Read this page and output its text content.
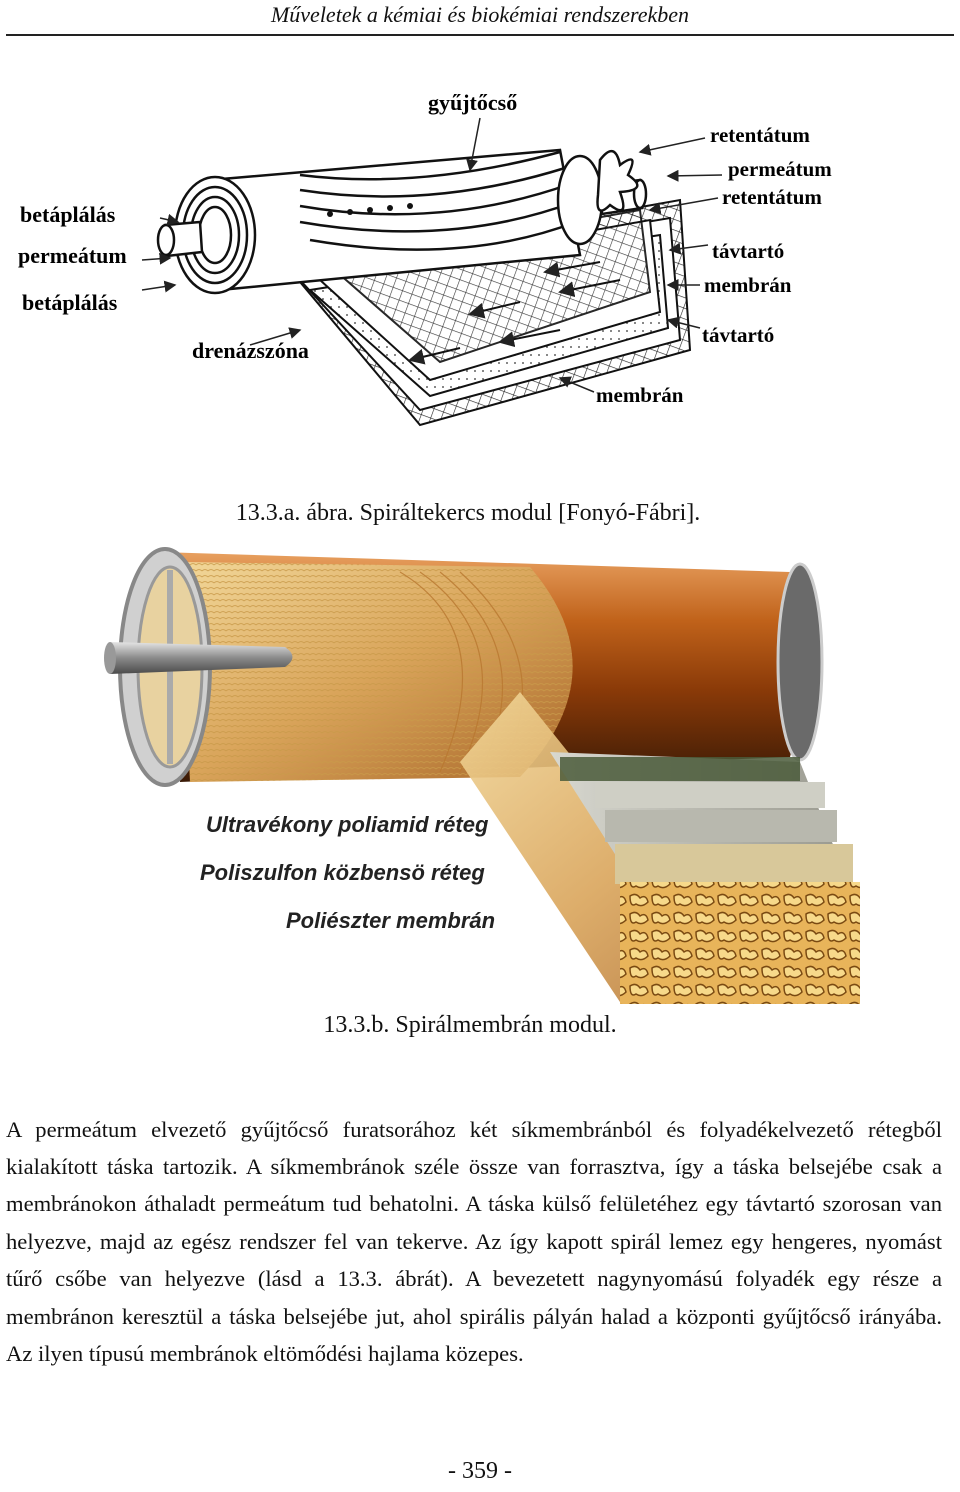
Műveletek a kémiai és biokémiai rendszerekben
gyűjtőcső
retentátum
permeátum
retentátum
betáplálás
permeátum
betáplálás
távtartó
membrán
távtartó
drenázszóna
membrán
13.3.a. ábra. Spiráltekercs modul [Fonyó-Fábri].
Ultravékony poliamid réteg
Poliszulfon közbensö réteg
Poliészter membrán
13.3.b. Spirálmembrán modul.

A permeátum elvezető gyűjtőcső furatsorához két síkmembránból és folyadékelvezető rétegből kialakított táska tartozik. A síkmembránok széle össze van forrasztva, így a táska belsejébe csak a membránokon áthaladt permeátum tud behatolni. A táska külső felületéhez egy távtartó szorosan van helyezve, majd az egész rendszer fel van tekerve. Az így kapott spirál lemez egy hengeres, nyomást tűrő csőbe van helyezve (lásd a 13.3. ábrát). A bevezetett nagynyomású folyadék egy része a membránon keresztül a táska belsejébe jut, ahol spirális pályán halad a központi gyűjtőcső irányába. Az ilyen típusú membránok eltömődési hajlama közepes.

- 359 -
